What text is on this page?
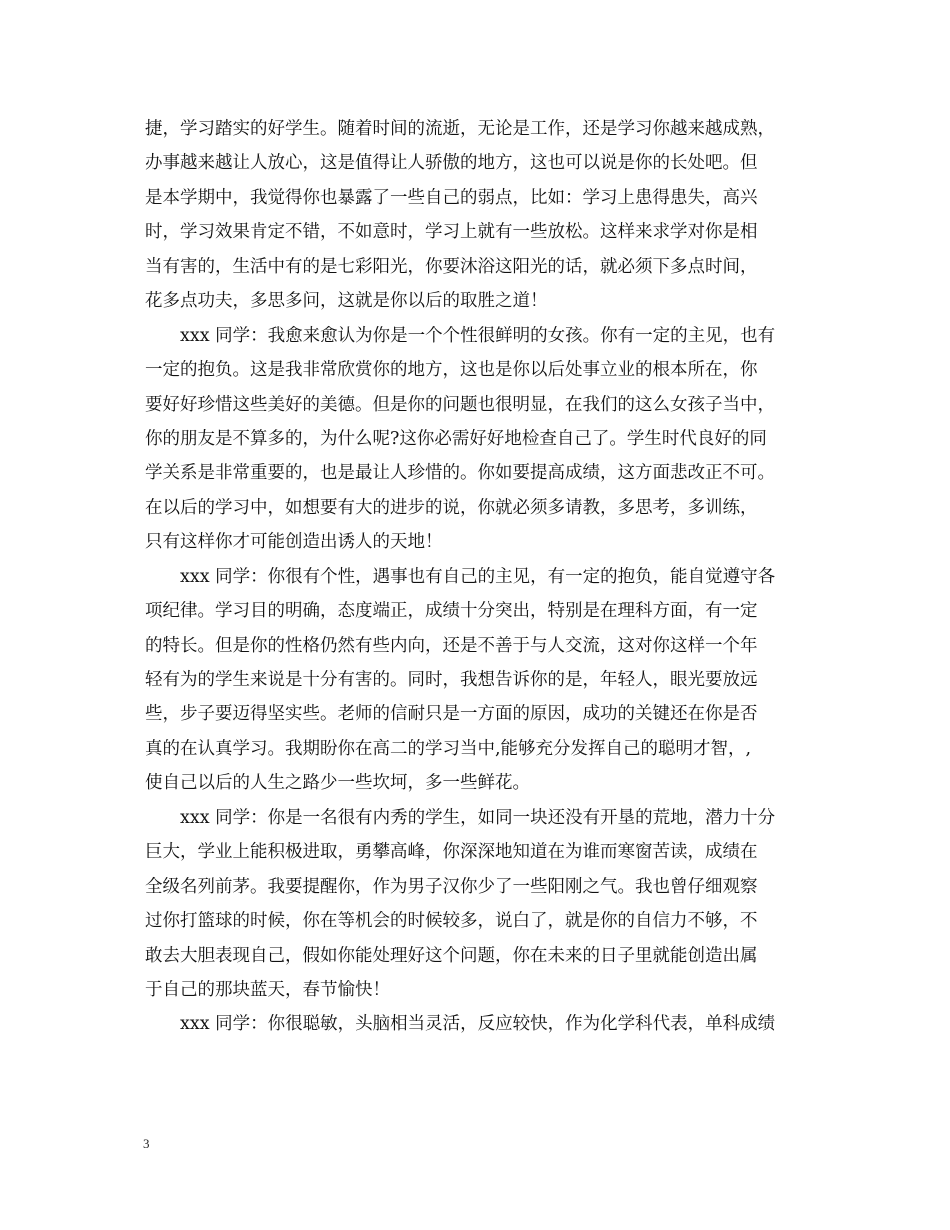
捷，学习踏实的好学生。随着时间的流逝，无论是工作，还是学习你越来越成熟，
办事越来越让人放心，这是值得让人骄傲的地方，这也可以说是你的长处吧。但
是本学期中，我觉得你也暴露了一些自己的弱点，比如：学习上患得患失，高兴
时，学习效果肯定不错，不如意时，学习上就有一些放松。这样来求学对你是相
当有害的，生活中有的是七彩阳光，你要沐浴这阳光的话，就必须下多点时间，
花多点功夫，多思多问，这就是你以后的取胜之道！
　　xxx 同学：我愈来愈认为你是一个个性很鲜明的女孩。你有一定的主见，也有
一定的抱负。这是我非常欣赏你的地方，这也是你以后处事立业的根本所在，你
要好好珍惜这些美好的美德。但是你的问题也很明显，在我们的这么女孩子当中，
你的朋友是不算多的，为什么呢?这你必需好好地检查自己了。学生时代良好的同
学关系是非常重要的，也是最让人珍惜的。你如要提高成绩，这方面悲改正不可。
在以后的学习中，如想要有大的进步的说，你就必须多请教，多思考，多训练，
只有这样你才可能创造出诱人的天地！
　　xxx 同学：你很有个性，遇事也有自己的主见，有一定的抱负，能自觉遵守各
项纪律。学习目的明确，态度端正，成绩十分突出，特别是在理科方面，有一定
的特长。但是你的性格仍然有些内向，还是不善于与人交流，这对你这样一个年
轻有为的学生来说是十分有害的。同时，我想告诉你的是，年轻人，眼光要放远
些，步子要迈得坚实些。老师的信耐只是一方面的原因，成功的关键还在你是否
真的在认真学习。我期盼你在高二的学习当中,能够充分发挥自己的聪明才智，,
使自己以后的人生之路少一些坎坷，多一些鲜花。
　　xxx 同学：你是一名很有内秀的学生，如同一块还没有开垦的荒地，潜力十分
巨大，学业上能积极进取，勇攀高峰，你深深地知道在为谁而寒窗苦读，成绩在
全级名列前茅。我要提醒你，作为男子汉你少了一些阳刚之气。我也曾仔细观察
过你打篮球的时候，你在等机会的时候较多，说白了，就是你的自信力不够，不
敢去大胆表现自己，假如你能处理好这个问题，你在未来的日子里就能创造出属
于自己的那块蓝天，春节愉快！
　　xxx 同学：你很聪敏，头脑相当灵活，反应较快，作为化学科代表，单科成绩
3
